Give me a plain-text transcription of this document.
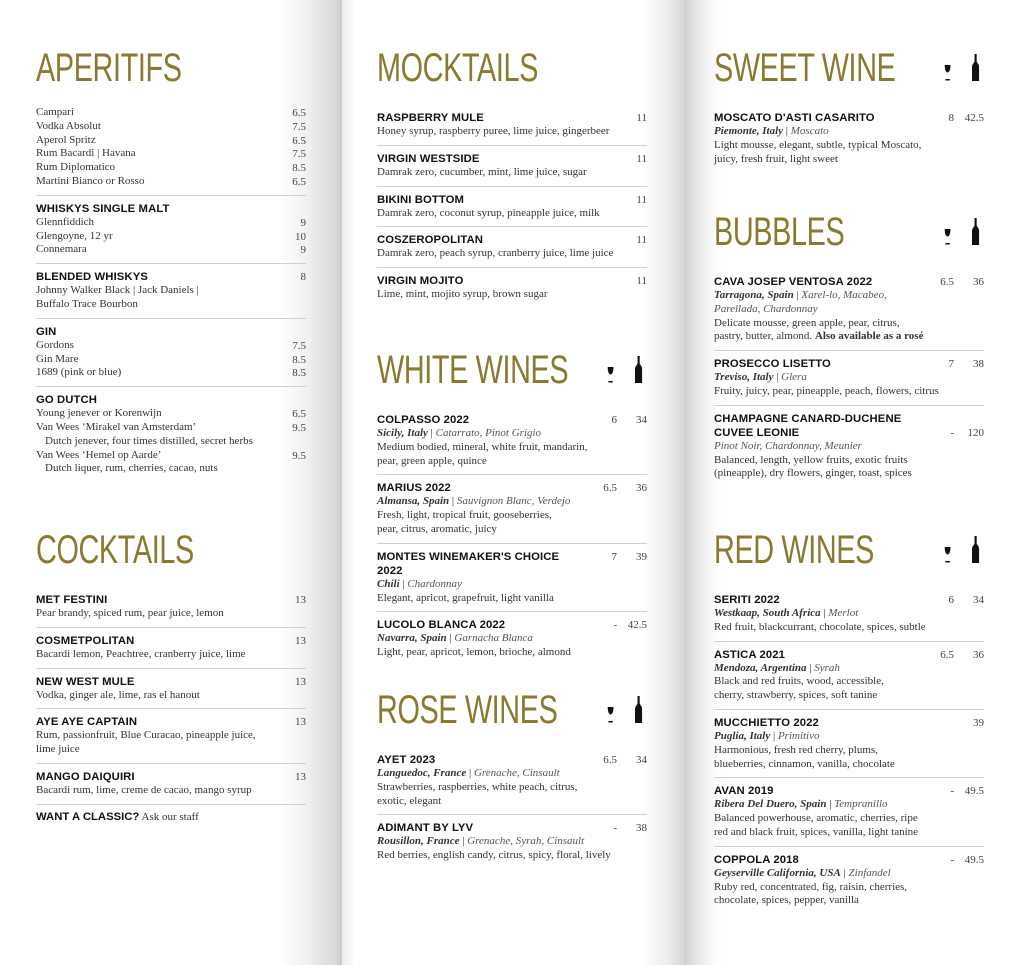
APERITIFS
Campari	6.5
Vodka Absolut	7.5
Aperol Spritz	6.5
Rum Bacardi | Havana	7.5
Rum Diplomatico	8.5
Martini Bianco or Rosso	6.5
WHISKYS SINGLE MALT
Glennfiddich	9
Glengoyne, 12 yr	10
Connemara	9
BLENDED WHISKYS	8
Johnny Walker Black | Jack Daniels |
Buffalo Trace Bourbon
GIN
Gordons	7.5
Gin Mare	8.5
1689 (pink or blue)	8.5
GO DUTCH
Young jenever or Korenwijn	6.5
Van Wees ‘Mirakel van Amsterdam’	9.5
Dutch jenever, four times distilled, secret herbs
Van Wees ‘Hemel op Aarde’	9.5
Dutch liquer, rum, cherries, cacao, nuts
COCKTAILS
MET FESTINI	13
Pear brandy, spiced rum, pear juice, lemon
COSMETPOLITAN	13
Bacardi lemon, Peachtree, cranberry juice, lime
NEW WEST MULE	13
Vodka, ginger ale, lime, ras el hanout
AYE AYE CAPTAIN	13
Rum, passionfruit, Blue Curacao, pineapple juice,
lime juice
MANGO DAIQUIRI	13
Bacardi rum, lime, creme de cacao, mango syrup
WANT A CLASSIC? Ask our staff
MOCKTAILS
RASPBERRY MULE	11
Honey syrup, raspberry puree, lime juice, gingerbeer
VIRGIN WESTSIDE	11
Damrak zero, cucumber, mint, lime juice, sugar
BIKINI BOTTOM	11
Damrak zero, coconut syrup, pineapple juice, milk
COSZEROPOLITAN	11
Damrak zero, peach syrup, cranberry juice, lime juice
VIRGIN MOJITO	11
Lime, mint, mojito syrup, brown sugar
WHITE WINES
COLPASSO 2022	6	34
Sicily, Italy | Catarrato, Pinot Grigio
Medium bodied, mineral, white fruit, mandarin,
pear, green apple, quince
MARIUS 2022	6.5	36
Almansa, Spain | Sauvignon Blanc, Verdejo
Fresh, light, tropical fruit, gooseberries,
pear, citrus, aromatic, juicy
MONTES WINEMAKER'S CHOICE 2022
7	39
Chili | Chardonnay
Elegant, apricot, grapefruit, light vanilla
LUCOLO BLANCA 2022	- 42.5
Navarra, Spain | Garnacha Blanca
Light, pear, apricot, lemon, brioche, almond
ROSE WINES
AYET 2023	6.5	34
Languedoc, France | Grenache, Cinsault
Strawberries, raspberries, white peach, citrus,
exotic, elegant
ADIMANT BY LYV	-	38
Rousillon, France | Grenache, Syrah, Cinsault
Red berries, english candy, citrus, spicy, floral, lively
SWEET WINE
MOSCATO D'ASTI CASARITO	8 42.5
Piemonte, Italy | Moscato
Light mousse, elegant, subtle, typical Moscato,
juicy, fresh fruit, light sweet
BUBBLES
CAVA JOSEP VENTOSA 2022	6.5	36
Tarragona, Spain | Xarel-lo, Macabeo,
Parellada, Chardonnay
Delicate mousse, green apple, pear, citrus,
pastry, butter, almond. Also available as a rosé
PROSECCO LISETTO	7	38
Treviso, Italy | Glera
Fruity, juicy, pear, pineapple, peach, flowers, citrus
CHAMPAGNE CANARD-DUCHENE
CUVEE LEONIE	-	120
Pinot Noir, Chardonnay, Meunier
Balanced, length, yellow fruits, exotic fruits
(pineapple), dry flowers, ginger, toast, spices
RED WINES
SERITI 2022	6	34
Westkaap, South Africa | Merlot
Red fruit, blackcurrant, chocolate, spices, subtle
ASTICA 2021	6.5	36
Mendoza, Argentina | Syrah
Black and red fruits, wood, accessible,
cherry, strawberry, spices, soft tanine
MUCCHIETTO 2022	39
Puglia, Italy | Primitivo
Harmonious, fresh red cherry, plums,
blueberries, cinnamon, vanilla, chocolate
AVAN 2019	- 49.5
Ribera Del Duero, Spain | Tempranillo
Balanced powerhouse, aromatic, cherries, ripe
red and black fruit, spices, vanilla, light tanine
COPPOLA 2018	- 49.5
Geyserville California, USA | Zinfandel
Ruby red, concentrated, fig, raisin, cherries,
chocolate, spices, pepper, vanilla
